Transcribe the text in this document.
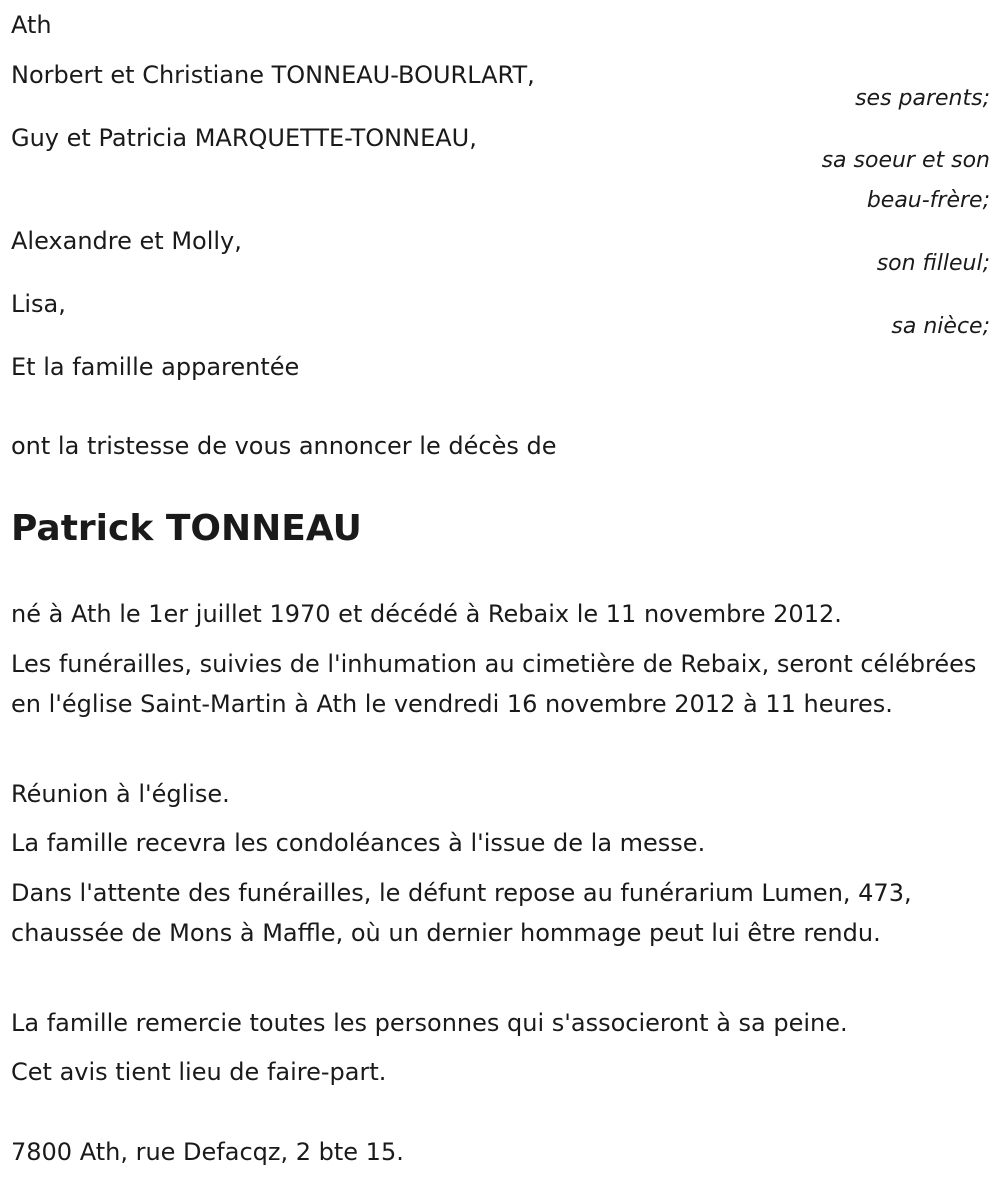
Ath
Norbert et Christiane TONNEAU-BOURLART,
ses parents;
Guy et Patricia MARQUETTE-TONNEAU,
sa soeur et son
beau-frère;
Alexandre et Molly,
son filleul;
Lisa,
sa nièce;
Et la famille apparentée
ont la tristesse de vous annoncer le décès de
Patrick TONNEAU
né à Ath le 1er juillet 1970 et décédé à Rebaix le 11 novembre 2012.
Les funérailles, suivies de l'inhumation au cimetière de Rebaix, seront célébrées en l'église Saint-Martin à Ath le vendredi 16 novembre 2012 à 11 heures.
Réunion à l'église.
La famille recevra les condoléances à l'issue de la messe.
Dans l'attente des funérailles, le défunt repose au funérarium Lumen, 473, chaussée de Mons à Maffle, où un dernier hommage peut lui être rendu.
La famille remercie toutes les personnes qui s'associeront à sa peine.
Cet avis tient lieu de faire-part.
7800 Ath, rue Defacqz, 2 bte 15.
